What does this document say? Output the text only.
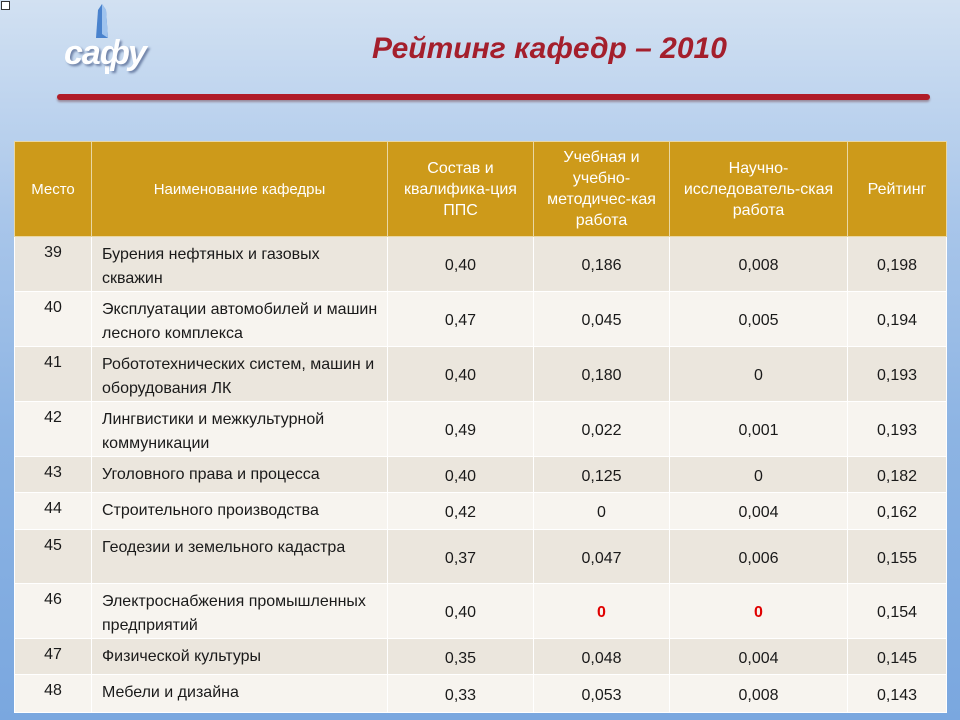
сафу	Рейтинг кафедр – 2010
Место	Наименование кафедры	Состав и квалифика-ция ППС	Учебная и учебно-методичес-кая работа	Научно-исследователь-ская работа	Рейтинг
39	Бурения нефтяных и газовых скважин	0,40	0,186	0,008	0,198
40	Эксплуатации автомобилей и машин лесного комплекса	0,47	0,045	0,005	0,194
41	Робототехнических систем, машин и оборудования ЛК	0,40	0,180	0	0,193
42	Лингвистики и межкультурной коммуникации	0,49	0,022	0,001	0,193
43	Уголовного права и процесса	0,40	0,125	0	0,182
44	Строительного производства	0,42	0	0,004	0,162
45	Геодезии и земельного кадастра	0,37	0,047	0,006	0,155
46	Электроснабжения промышленных предприятий	0,40	0	0	0,154
47	Физической культуры	0,35	0,048	0,004	0,145
48	Мебели и дизайна	0,33	0,053	0,008	0,143
